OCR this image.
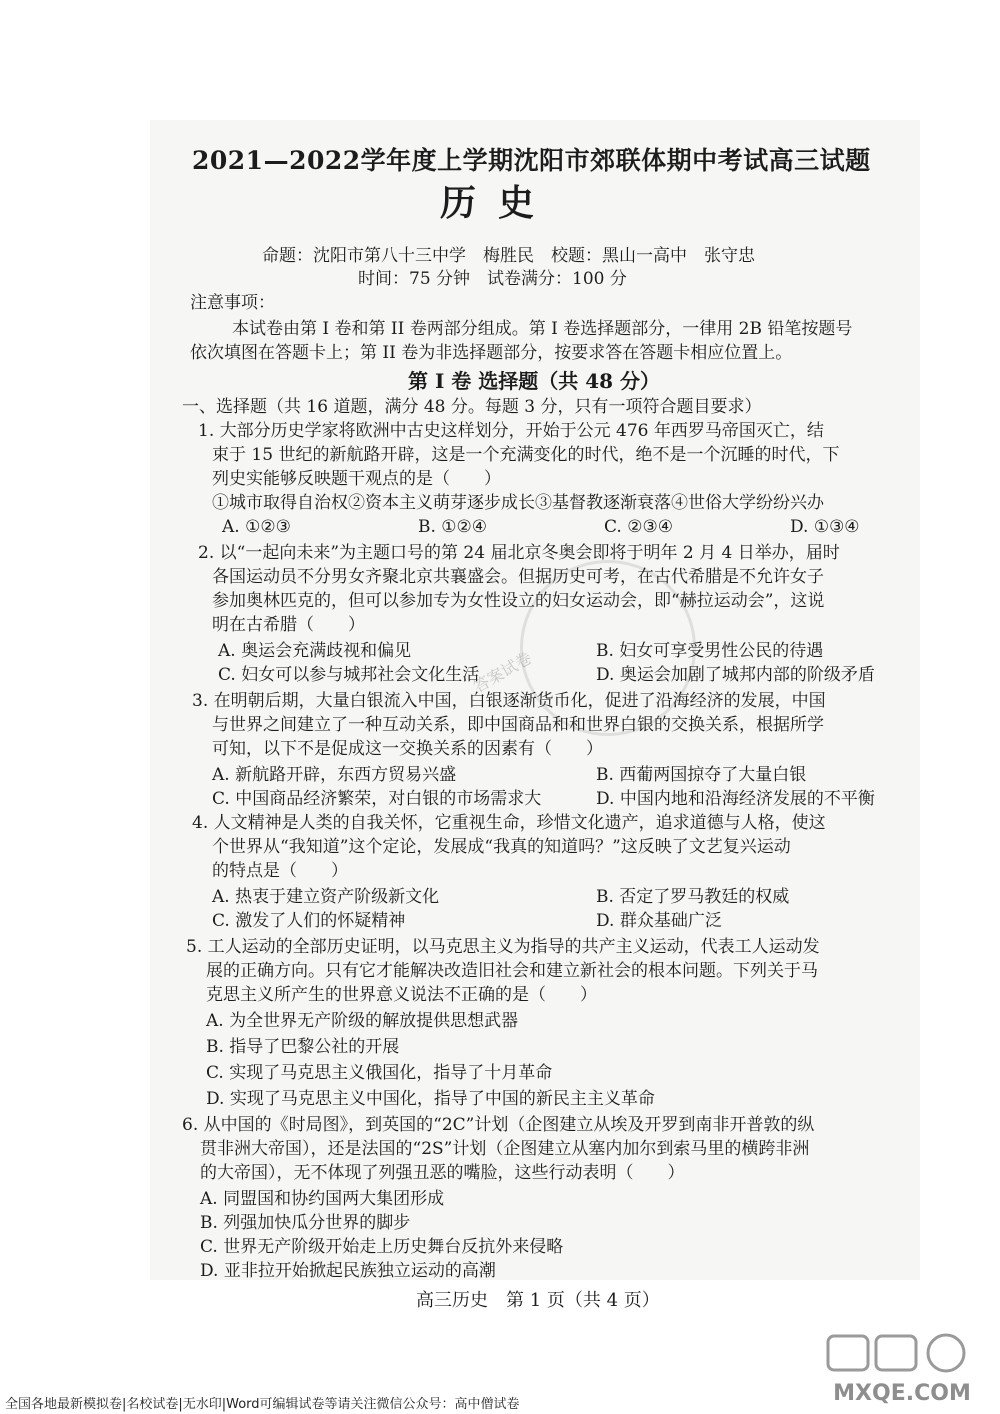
答案试卷
2021—2022学年度上学期沈阳市郊联体期中考试高三试题
历史
命题：沈阳市第八十三中学　梅胜民　校题：黑山一高中　张守忠
时间：75 分钟　试卷满分：100 分
注意事项：
本试卷由第 I 卷和第 II 卷两部分组成。第 I 卷选择题部分，一律用 2B 铅笔按题号
依次填图在答题卡上；第 II 卷为非选择题部分，按要求答在答题卡相应位置上。
第 I 卷 选择题（共 48 分）
一、选择题（共 16 道题，满分 48 分。每题 3 分，只有一项符合题目要求）
1. 大部分历史学家将欧洲中古史这样划分，开始于公元 476 年西罗马帝国灭亡，结
束于 15 世纪的新航路开辟，这是一个充满变化的时代，绝不是一个沉睡的时代，下
列史实能够反映题干观点的是（　　）
①城市取得自治权②资本主义萌芽逐步成长③基督教逐渐衰落④世俗大学纷纷兴办
A. ①②③	B. ①②④	C. ②③④	D. ①③④
2. 以“一起向未来”为主题口号的第 24 届北京冬奥会即将于明年 2 月 4 日举办，届时
各国运动员不分男女齐聚北京共襄盛会。但据历史可考，在古代希腊是不允许女子
参加奥林匹克的，但可以参加专为女性设立的妇女运动会，即“赫拉运动会”，这说
明在古希腊（　　）
A. 奥运会充满歧视和偏见	B. 妇女可享受男性公民的待遇
C. 妇女可以参与城邦社会文化生活	D. 奥运会加剧了城邦内部的阶级矛盾
3. 在明朝后期，大量白银流入中国，白银逐渐货币化，促进了沿海经济的发展，中国
与世界之间建立了一种互动关系，即中国商品和和世界白银的交换关系，根据所学
可知，以下不是促成这一交换关系的因素有（　　）
A. 新航路开辟，东西方贸易兴盛	B. 西葡两国掠夺了大量白银
C. 中国商品经济繁荣，对白银的市场需求大	D. 中国内地和沿海经济发展的不平衡
4. 人文精神是人类的自我关怀，它重视生命，珍惜文化遗产，追求道德与人格，使这
个世界从“我知道”这个定论，发展成“我真的知道吗？”这反映了文艺复兴运动
的特点是（　　）
A. 热衷于建立资产阶级新文化	B. 否定了罗马教廷的权威
C. 激发了人们的怀疑精神	D. 群众基础广泛
5. 工人运动的全部历史证明，以马克思主义为指导的共产主义运动，代表工人运动发
展的正确方向。只有它才能解决改造旧社会和建立新社会的根本问题。下列关于马
克思主义所产生的世界意义说法不正确的是（　　）
A. 为全世界无产阶级的解放提供思想武器
B. 指导了巴黎公社的开展
C. 实现了马克思主义俄国化，指导了十月革命
D. 实现了马克思主义中国化，指导了中国的新民主主义革命
6. 从中国的《时局图》，到英国的“2C”计划（企图建立从埃及开罗到南非开普敦的纵
贯非洲大帝国），还是法国的“2S”计划（企图建立从塞内加尔到索马里的横跨非洲
的大帝国），无不体现了列强丑恶的嘴脸，这些行动表明（　　）
A. 同盟国和协约国两大集团形成
B. 列强加快瓜分世界的脚步
C. 世界无产阶级开始走上历史舞台反抗外来侵略
D. 亚非拉开始掀起民族独立运动的高潮
高三历史　第 1 页（共 4 页）
全国各地最新模拟卷|名校试卷|无水印|Word可编辑试卷等请关注微信公众号：高中僧试卷	MXQE.COM
